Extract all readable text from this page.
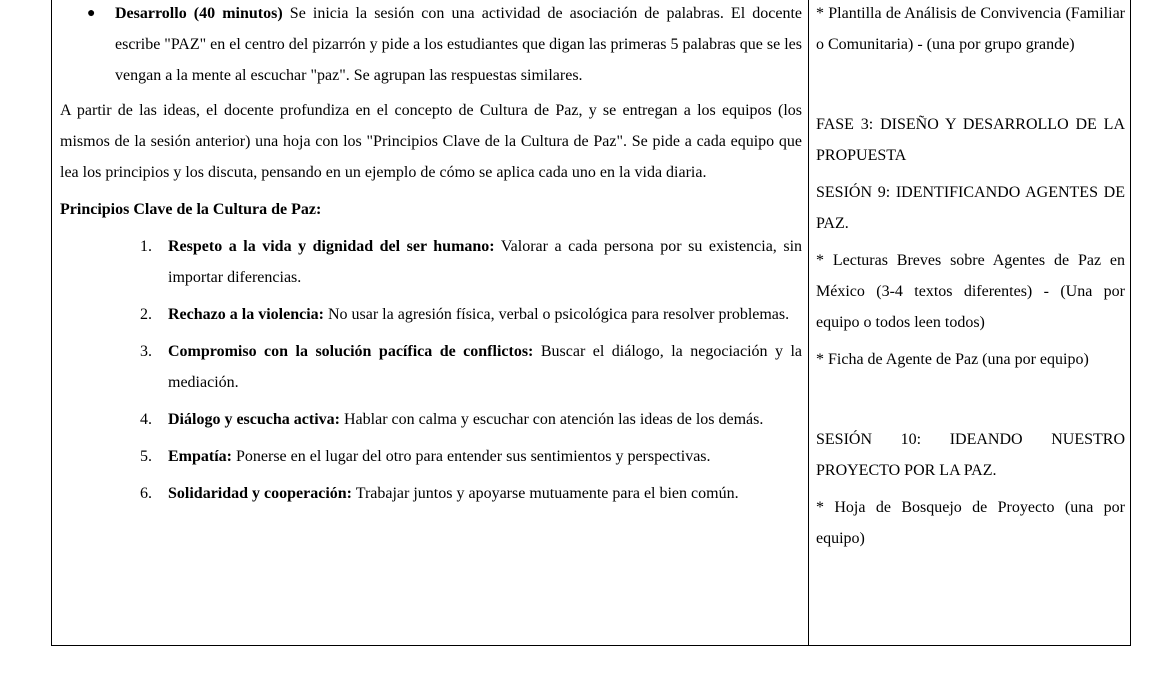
● Desarrollo (40 minutos) Se inicia la sesión con una actividad de asociación de palabras. El docente escribe "PAZ" en el centro del pizarrón y pide a los estudiantes que digan las primeras 5 palabras que se les vengan a la mente al escuchar "paz". Se agrupan las respuestas similares.

A partir de las ideas, el docente profundiza en el concepto de Cultura de Paz, y se entregan a los equipos (los mismos de la sesión anterior) una hoja con los "Principios Clave de la Cultura de Paz". Se pide a cada equipo que lea los principios y los discuta, pensando en un ejemplo de cómo se aplica cada uno en la vida diaria.

Principios Clave de la Cultura de Paz:

1. Respeto a la vida y dignidad del ser humano: Valorar a cada persona por su existencia, sin importar diferencias.
2. Rechazo a la violencia: No usar la agresión física, verbal o psicológica para resolver problemas.
3. Compromiso con la solución pacífica de conflictos: Buscar el diálogo, la negociación y la mediación.
4. Diálogo y escucha activa: Hablar con calma y escuchar con atención las ideas de los demás.
5. Empatía: Ponerse en el lugar del otro para entender sus sentimientos y perspectivas.
6. Solidaridad y cooperación: Trabajar juntos y apoyarse mutuamente para el bien común.

* Plantilla de Análisis de Convivencia (Familiar o Comunitaria) - (una por grupo grande)

FASE 3: DISEÑO Y DESARROLLO DE LA PROPUESTA

SESIÓN 9: IDENTIFICANDO AGENTES DE PAZ.

* Lecturas Breves sobre Agentes de Paz en México (3-4 textos diferentes) - (Una por equipo o todos leen todos)

* Ficha de Agente de Paz (una por equipo)

SESIÓN 10: IDEANDO NUESTRO PROYECTO POR LA PAZ.

* Hoja de Bosquejo de Proyecto (una por equipo)
